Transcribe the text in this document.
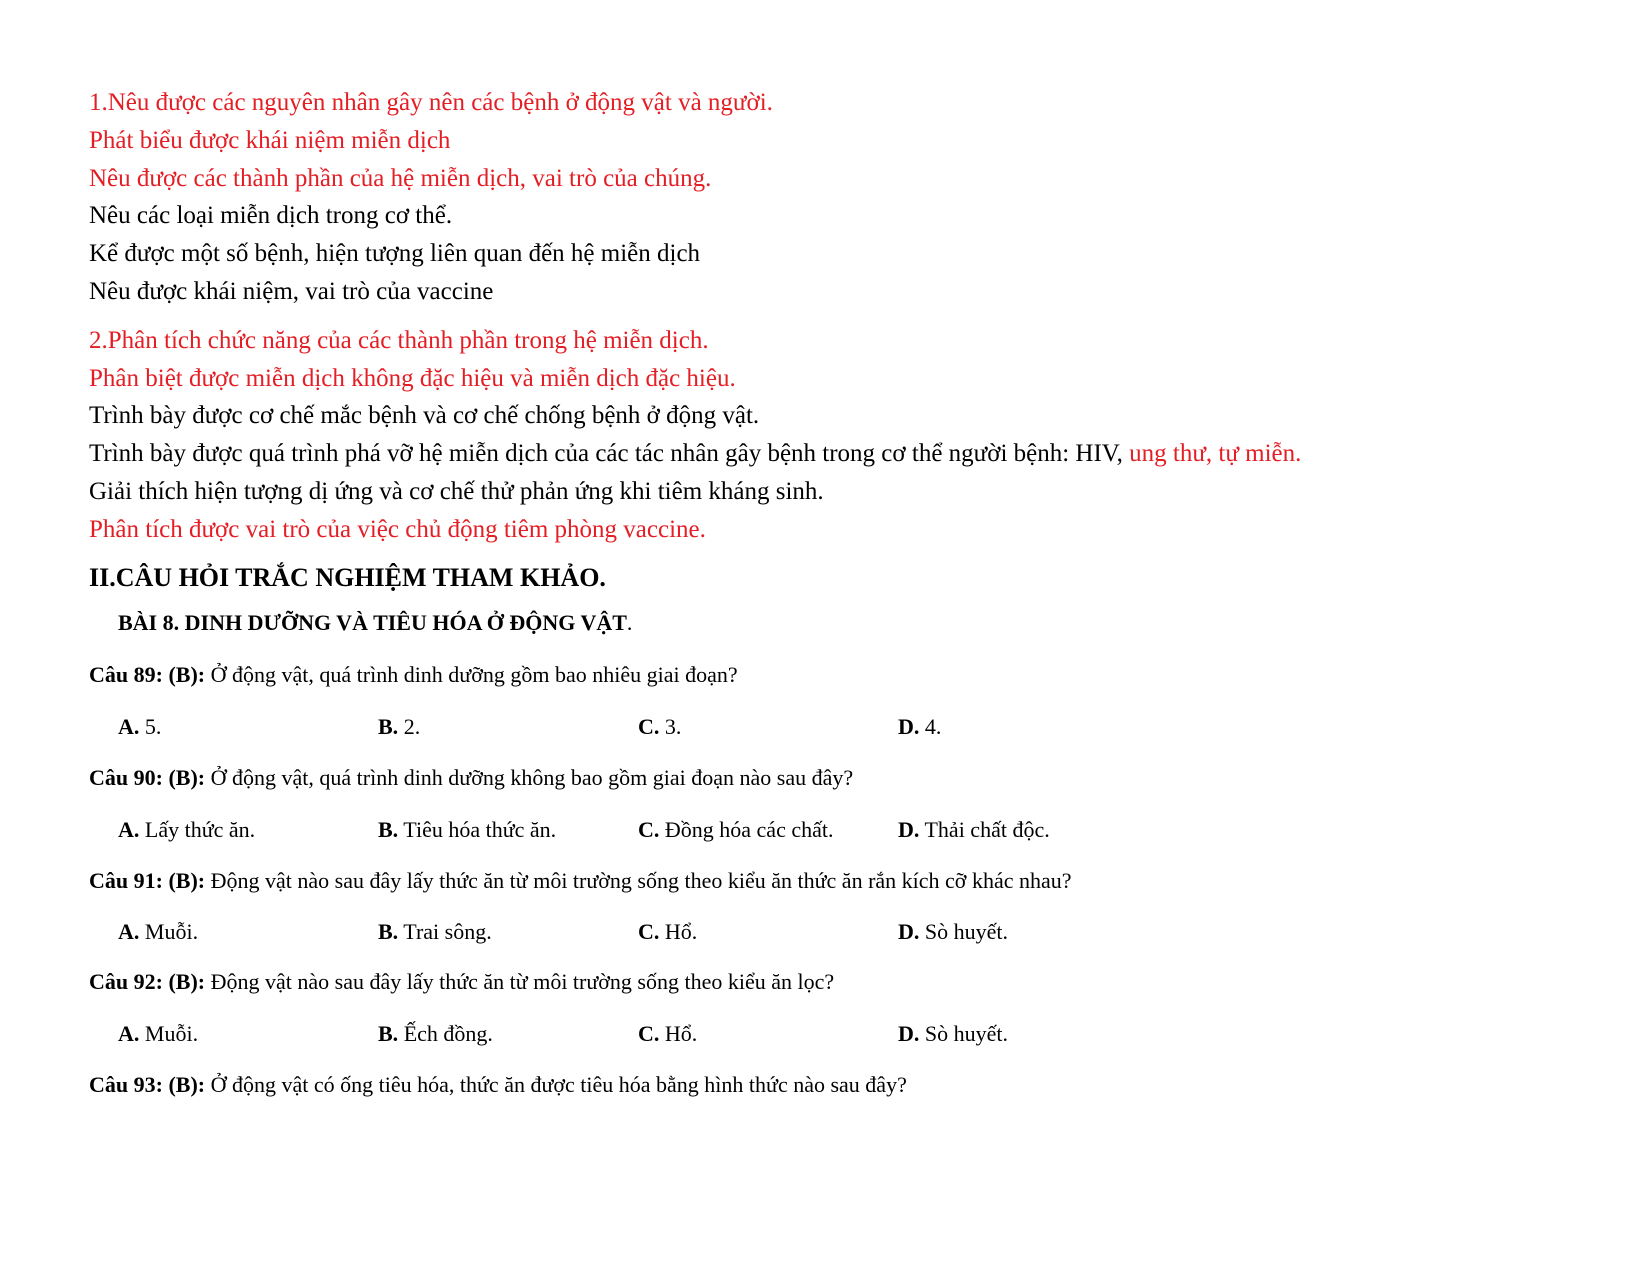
1.Nêu được các nguyên nhân gây nên các bệnh ở động vật và người.
Phát biểu được khái niệm miễn dịch
Nêu được các thành phần của hệ miễn dịch, vai trò của chúng.
Nêu các loại miễn dịch trong cơ thể.
Kể được một số bệnh, hiện tượng liên quan đến hệ miễn dịch
Nêu được khái niệm, vai trò của vaccine
2.Phân tích chức năng của các thành phần trong hệ miễn dịch.
Phân biệt được miễn dịch không đặc hiệu và miễn dịch đặc hiệu.
Trình bày được cơ chế mắc bệnh và cơ chế chống bệnh ở động vật.
Trình bày được quá trình phá vỡ hệ miễn dịch của các tác nhân gây bệnh trong cơ thể người bệnh: HIV, ung thư, tự miễn.
Giải thích hiện tượng dị ứng và cơ chế thử phản ứng khi tiêm kháng sinh.
Phân tích được vai trò của việc chủ động tiêm phòng vaccine.
II.CÂU HỎI TRẮC NGHIỆM THAM KHẢO.
BÀI 8. DINH DƯỠNG VÀ TIÊU HÓA Ở ĐỘNG VẬT.
Câu 89: (B): Ở động vật, quá trình dinh dưỡng gồm bao nhiêu giai đoạn?
A. 5.	B. 2.	C. 3.	D. 4.
Câu 90: (B): Ở động vật, quá trình dinh dưỡng không bao gồm giai đoạn nào sau đây?
A. Lấy thức ăn.	B. Tiêu hóa thức ăn.	C. Đồng hóa các chất.	D. Thải chất độc.
Câu 91: (B): Động vật nào sau đây lấy thức ăn từ môi trường sống theo kiểu ăn thức ăn rắn kích cỡ khác nhau?
A. Muỗi.	B. Trai sông.	C. Hổ.	D. Sò huyết.
Câu 92: (B): Động vật nào sau đây lấy thức ăn từ môi trường sống theo kiểu ăn lọc?
A. Muỗi.	B. Ếch đồng.	C. Hổ.	D. Sò huyết.
Câu 93: (B): Ở động vật có ống tiêu hóa, thức ăn được tiêu hóa bằng hình thức nào sau đây?
